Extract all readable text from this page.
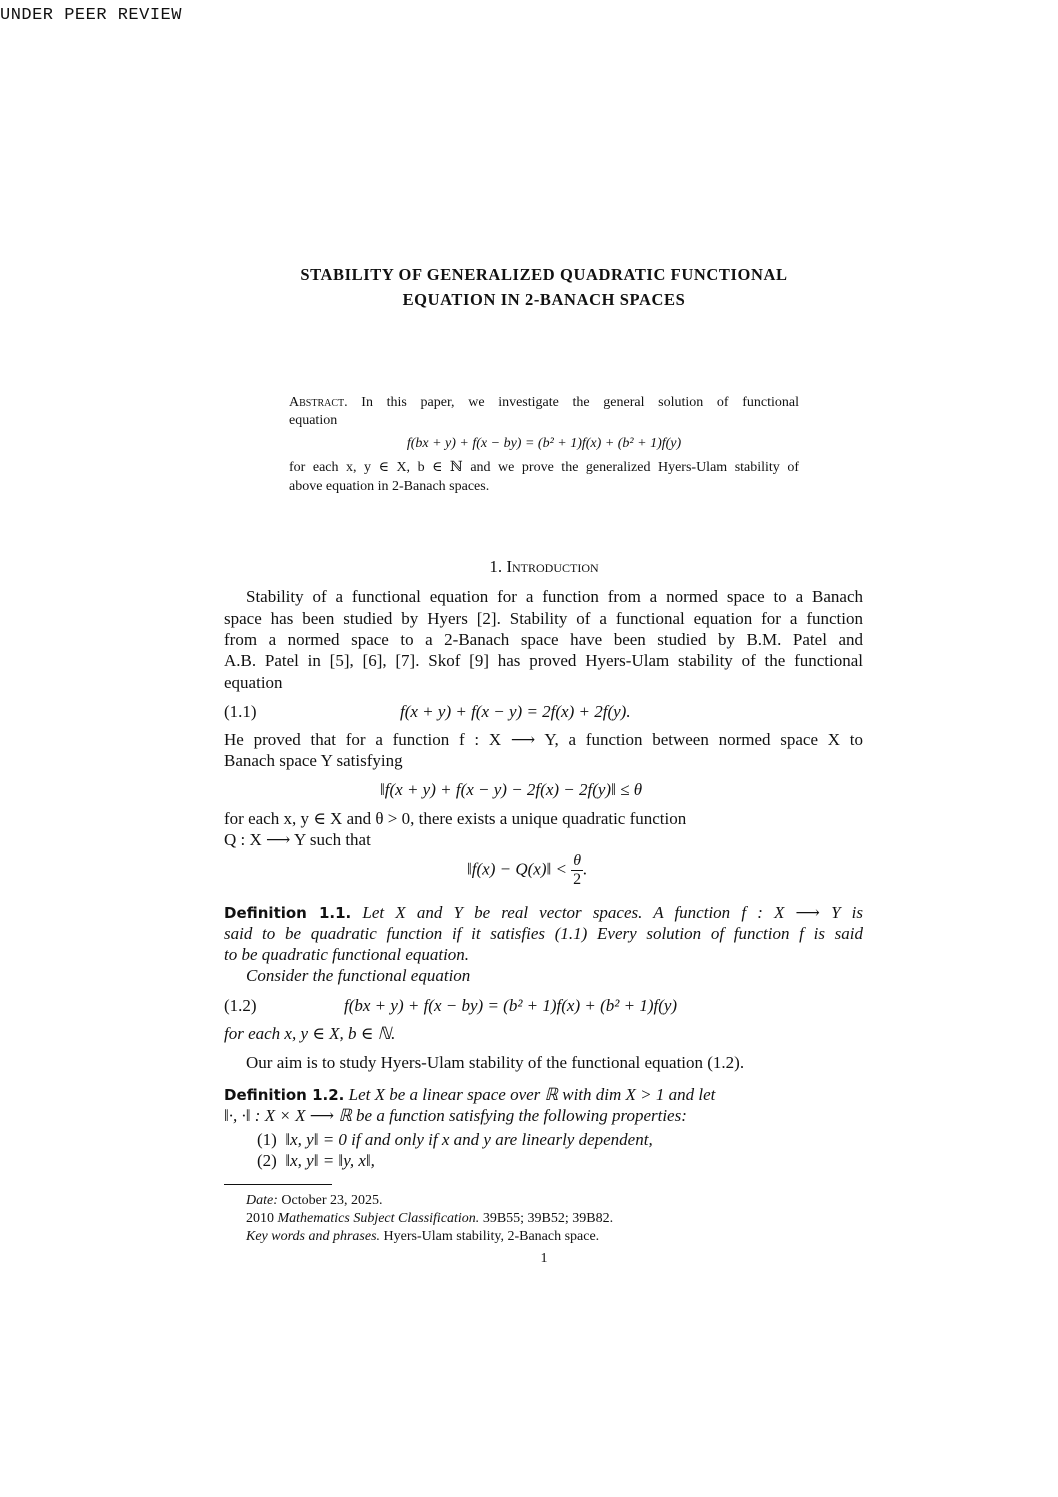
UNDER PEER REVIEW
STABILITY OF GENERALIZED QUADRATIC FUNCTIONAL
EQUATION IN 2-BANACH SPACES
Abstract. In this paper, we investigate the general solution of functional
equation
f(bx + y) + f(x − by) = (b² + 1)f(x) + (b² + 1)f(y)
for each x, y ∈ X, b ∈ ℕ and we prove the generalized Hyers-Ulam stability of
above equation in 2-Banach spaces.
1. Introduction
Stability of a functional equation for a function from a normed space to a Banach
space has been studied by Hyers [2]. Stability of a functional equation for a function
from a normed space to a 2-Banach space have been studied by B.M. Patel and
A.B. Patel in [5], [6], [7]. Skof [9] has proved Hyers-Ulam stability of the functional
equation
(1.1)	f(x + y) + f(x − y) = 2f(x) + 2f(y).
He proved that for a function f : X ⟶ Y, a function between normed space X to
Banach space Y satisfying
‖f(x + y) + f(x − y) − 2f(x) − 2f(y)‖ ≤ θ
for each x, y ∈ X and θ > 0, there exists a unique quadratic function
Q : X ⟶ Y such that
‖f(x) − Q(x)‖ < $\frac{\theta}{2}$ .
Definition 1.1. Let X and Y be real vector spaces. A function f : X ⟶ Y is
said to be quadratic function if it satisfies (1.1) Every solution of function f is said
to be quadratic functional equation.
Consider the functional equation
(1.2)	f(bx + y) + f(x − by) = (b² + 1)f(x) + (b² + 1)f(y)
for each x, y ∈ X, b ∈ ℕ.
Our aim is to study Hyers-Ulam stability of the functional equation (1.2).
Definition 1.2. Let X be a linear space over ℝ with dim X > 1 and let
‖·, ·‖ : X × X ⟶ ℝ be a function satisfying the following properties:
(1) ‖x, y‖ = 0 if and only if x and y are linearly dependent,
(2) ‖x, y‖ = ‖y, x‖,
Date: October 23, 2025.
2010 Mathematics Subject Classification. 39B55; 39B52; 39B82.
Key words and phrases. Hyers-Ulam stability, 2-Banach space.
1
